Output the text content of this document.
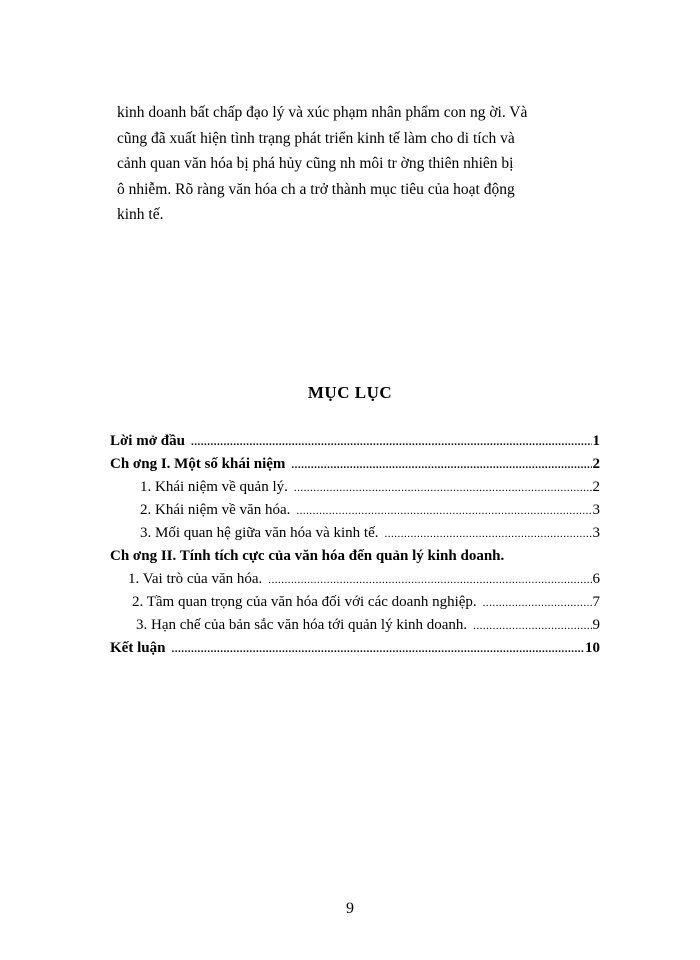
kinh doanh bất chấp đạo lý và xúc phạm nhân phẩm con ng ời. Và
cũng đã xuất hiện tình trạng phát triển kinh tế làm cho di tích và
cảnh quan văn hóa bị phá hủy cũng nh môi tr ờng thiên nhiên bị
ô nhiễm. Rõ ràng văn hóa ch a trở thành mục tiêu của hoạt động
kinh tế.
MỤC LỤC
Lời mở đầu .....	1
Ch ơng I. Một số khái niệm .....	2
1. Khái niệm về quản lý. .....	2
2. Khái niệm về văn hóa. .....	3
3. Mối quan hệ giữa văn hóa và kinh tế. .....	3
Ch ơng II. Tính tích cực của văn hóa đến quản lý kinh doanh.
1. Vai trò của văn hóa. .....	6
2. Tầm quan trọng của văn hóa đối với các doanh nghiệp. .....	7
3. Hạn chế của bản sắc văn hóa tới quản lý kinh doanh. .....	9
Kết luận .....	10
9
